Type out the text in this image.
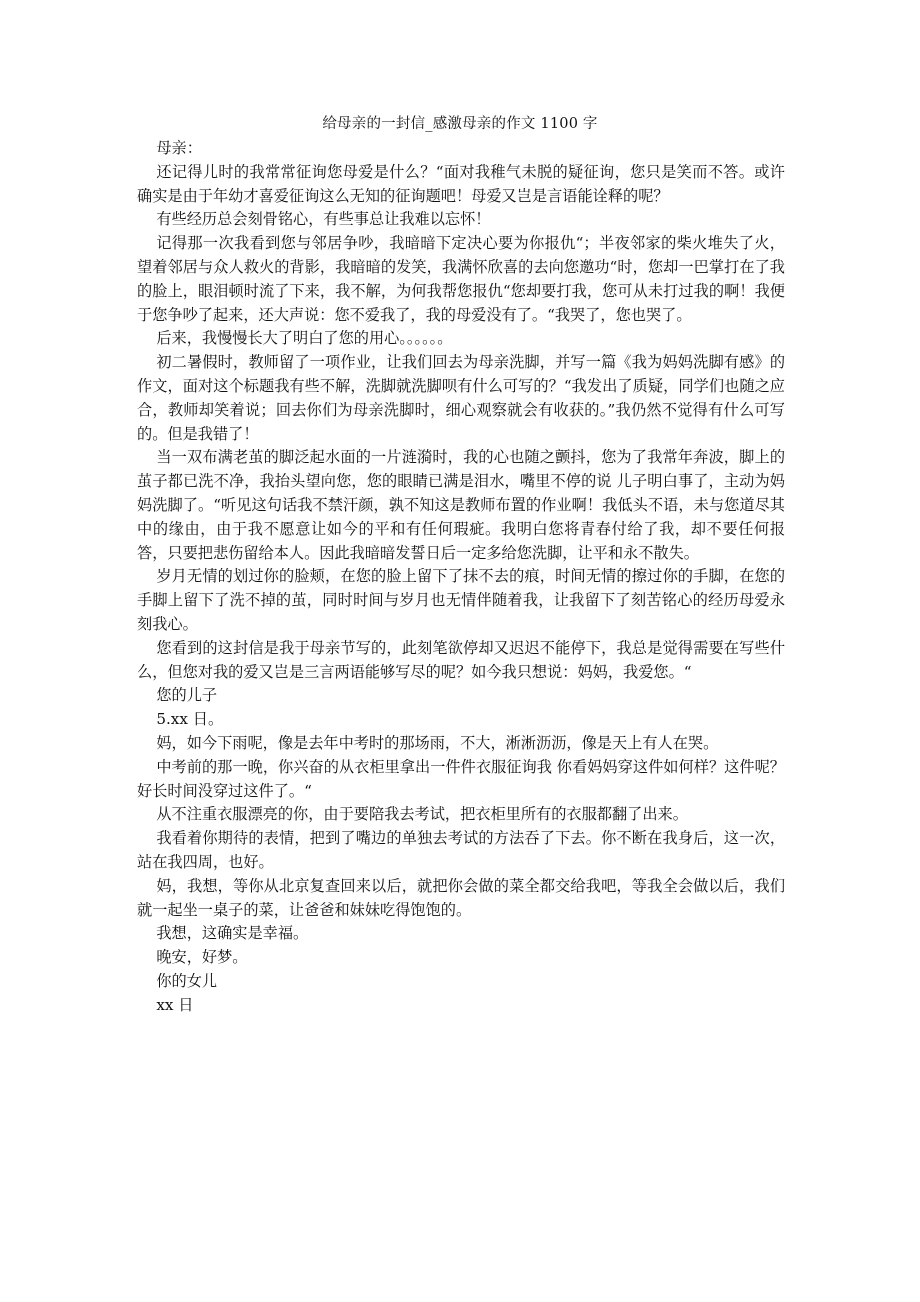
给母亲的一封信_感激母亲的作文 1100 字

母亲：

还记得儿时的我常常征询您母爱是什么？“面对我稚气未脱的疑征询，您只是笑而不答。或许确实是由于年幼才喜爱征询这么无知的征询题吧！母爱又岂是言语能诠释的呢？

有些经历总会刻骨铭心，有些事总让我难以忘怀！

记得那一次我看到您与邻居争吵，我暗暗下定决心要为你报仇“；半夜邻家的柴火堆失了火，望着邻居与众人救火的背影，我暗暗的发笑，我满怀欣喜的去向您邀功“时，您却一巴掌打在了我的脸上，眼泪顿时流了下来，我不解，为何我帮您报仇“您却要打我，您可从未打过我的啊！我便于您争吵了起来，还大声说：您不爱我了，我的母爱没有了。“我哭了，您也哭了。

后来，我慢慢长大了明白了您的用心。。。。。。

初二暑假时，教师留了一项作业，让我们回去为母亲洗脚，并写一篇《我为妈妈洗脚有感》的作文，面对这个标题我有些不解，洗脚就洗脚呗有什么可写的？“我发出了质疑，同学们也随之应合，教师却笑着说；回去你们为母亲洗脚时，细心观察就会有收获的。”我仍然不觉得有什么可写的。但是我错了！

当一双布满老茧的脚泛起水面的一片涟漪时，我的心也随之颤抖，您为了我常年奔波，脚上的茧子都已洗不净，我抬头望向您，您的眼睛已满是泪水，嘴里不停的说 儿子明白事了，主动为妈妈洗脚了。“听见这句话我不禁汗颜，孰不知这是教师布置的作业啊！我低头不语，未与您道尽其中的缘由，由于我不愿意让如今的平和有任何瑕疵。我明白您将青春付给了我，却不要任何报答，只要把悲伤留给本人。因此我暗暗发誓日后一定多给您洗脚，让平和永不散失。

岁月无情的划过你的脸颊，在您的脸上留下了抹不去的痕，时间无情的擦过你的手脚，在您的手脚上留下了洗不掉的茧，同时时间与岁月也无情伴随着我，让我留下了刻苦铭心的经历母爱永刻我心。

您看到的这封信是我于母亲节写的，此刻笔欲停却又迟迟不能停下，我总是觉得需要在写些什么，但您对我的爱又岂是三言两语能够写尽的呢？如今我只想说：妈妈，我爱您。“

您的儿子

5.xx 日。

妈，如今下雨呢，像是去年中考时的那场雨，不大，淅淅沥沥，像是天上有人在哭。

中考前的那一晚，你兴奋的从衣柜里拿出一件件衣服征询我 你看妈妈穿这件如何样？这件呢？好长时间没穿过这件了。“

从不注重衣服漂亮的你，由于要陪我去考试，把衣柜里所有的衣服都翻了出来。

我看着你期待的表情，把到了嘴边的单独去考试的方法吞了下去。你不断在我身后，这一次，站在我四周，也好。

妈，我想，等你从北京复查回来以后，就把你会做的菜全都交给我吧，等我全会做以后，我们就一起坐一桌子的菜，让爸爸和妹妹吃得饱饱的。

我想，这确实是幸福。

晚安，好梦。

你的女儿

xx 日
